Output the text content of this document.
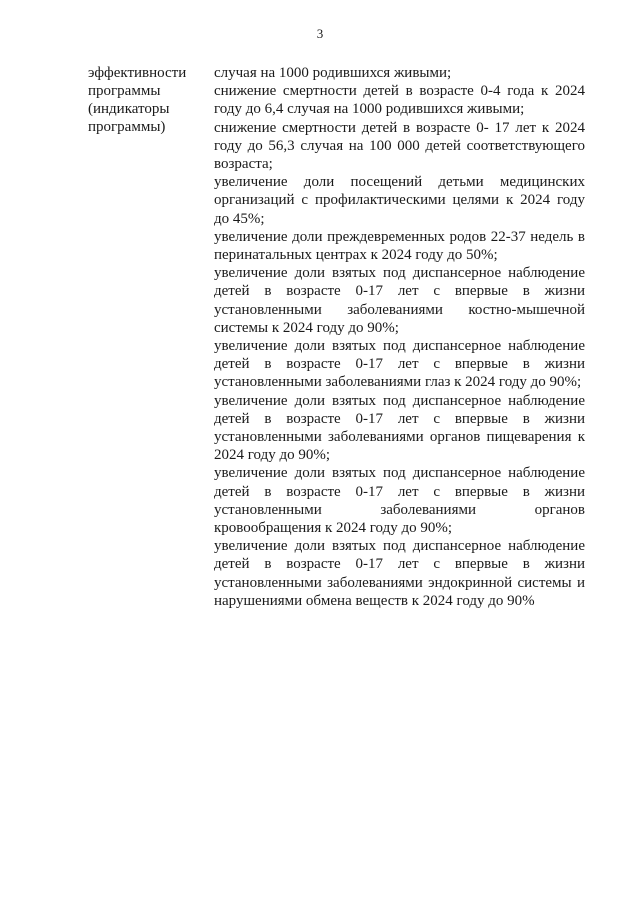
3
эффективности
программы
(индикаторы
программы)

случая на 1000 родившихся живыми;

снижение смертности детей в возрасте 0-4 года к 2024 году до 6,4 случая на 1000 родившихся живыми;

снижение смертности детей в возрасте 0- 17 лет к 2024 году до 56,3 случая на 100 000 детей соответствующего возраста;

увеличение доли посещений детьми медицинских организаций с профилактическими целями к 2024 году до 45%;

увеличение доли преждевременных родов 22-37 недель в перинатальных центрах к 2024 году до 50%;

увеличение доли взятых под диспансерное наблюдение детей в возрасте 0-17 лет с впервые в жизни установленными заболеваниями костно-мышечной системы к 2024 году до 90%;

увеличение доли взятых под диспансерное наблюдение детей в возрасте 0-17 лет с впервые в жизни установленными заболеваниями глаз к 2024 году до 90%;

увеличение доли взятых под диспансерное наблюдение детей в возрасте 0-17 лет с впервые в жизни установленными заболеваниями органов пищеварения к 2024 году до 90%;

увеличение доли взятых под диспансерное наблюдение детей в возрасте 0-17 лет с впервые в жизни установленными заболеваниями органов кровообращения к 2024 году до 90%;

увеличение доли взятых под диспансерное наблюдение детей в возрасте 0-17 лет с впервые в жизни установленными заболеваниями эндокринной системы и нарушениями обмена веществ к 2024 году до 90%
